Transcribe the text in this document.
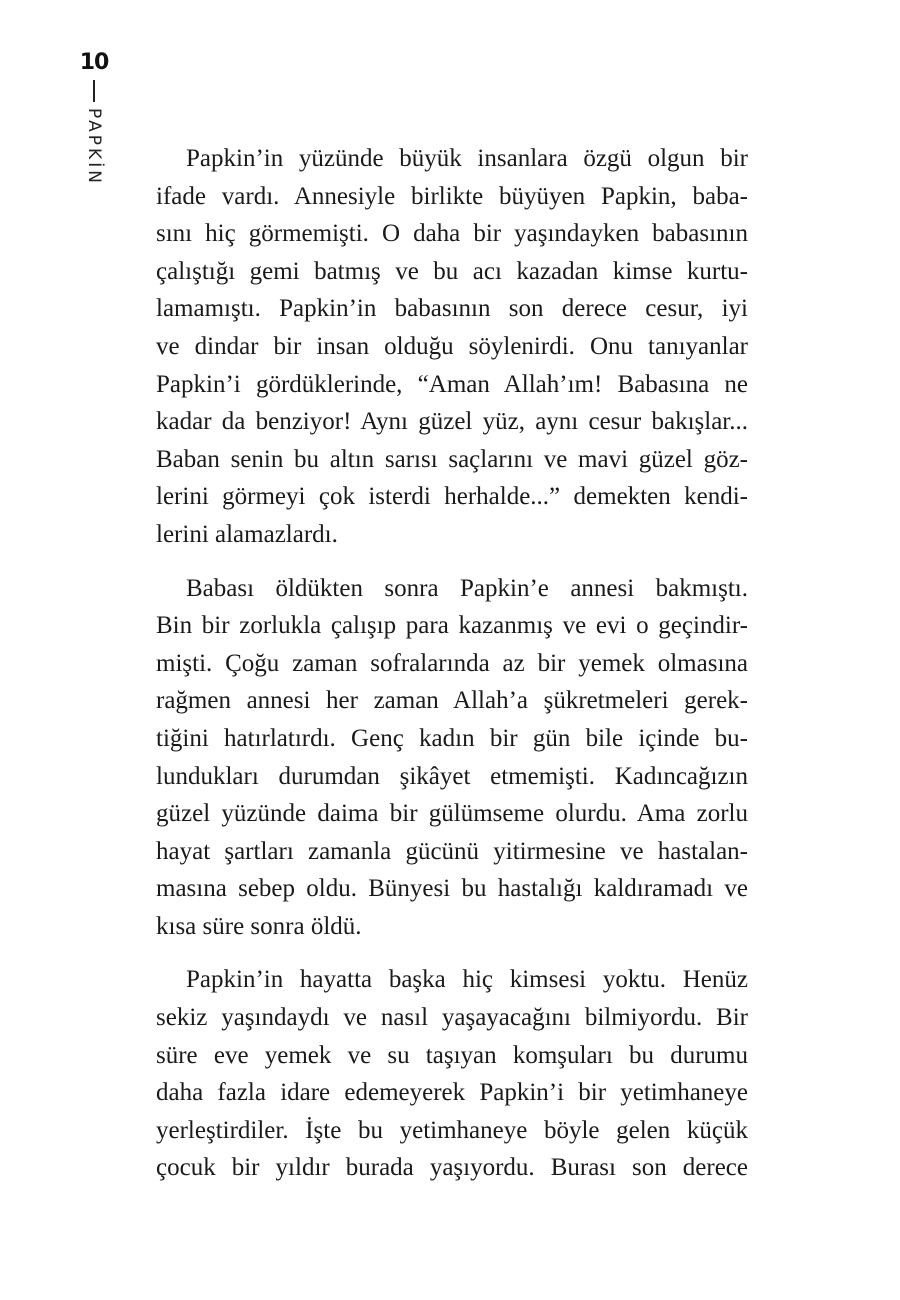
10
PAPKİN	Papkin’in yüzünde büyük insanlara özgü olgun bir
ifade vardı. Annesiyle birlikte büyüyen Papkin, baba-
sını hiç görmemişti. O daha bir yaşındayken babasının
çalıştığı gemi batmış ve bu acı kazadan kimse kurtu-
lamamıştı. Papkin’in babasının son derece cesur, iyi
ve dindar bir insan olduğu söylenirdi. Onu tanıyanlar
Papkin’i gördüklerinde, “Aman Allah’ım! Babasına ne
kadar da benziyor! Aynı güzel yüz, aynı cesur bakışlar...
Baban senin bu altın sarısı saçlarını ve mavi güzel göz-
lerini görmeyi çok isterdi herhalde...” demekten kendi-
lerini alamazlardı.

Babası öldükten sonra Papkin’e annesi bakmıştı.
Bin bir zorlukla çalışıp para kazanmış ve evi o geçindir-
mişti. Çoğu zaman sofralarında az bir yemek olmasına
rağmen annesi her zaman Allah’a şükretmeleri gerek-
tiğini hatırlatırdı. Genç kadın bir gün bile içinde bu-
lundukları durumdan şikâyet etmemişti. Kadıncağızın
güzel yüzünde daima bir gülümseme olurdu. Ama zorlu
hayat şartları zamanla gücünü yitirmesine ve hastalan-
masına sebep oldu. Bünyesi bu hastalığı kaldıramadı ve
kısa süre sonra öldü.

Papkin’in hayatta başka hiç kimsesi yoktu. Henüz
sekiz yaşındaydı ve nasıl yaşayacağını bilmiyordu. Bir
süre eve yemek ve su taşıyan komşuları bu durumu
daha fazla idare edemeyerek Papkin’i bir yetimhaneye
yerleştirdiler. İşte bu yetimhaneye böyle gelen küçük
çocuk bir yıldır burada yaşıyordu. Burası son derece
